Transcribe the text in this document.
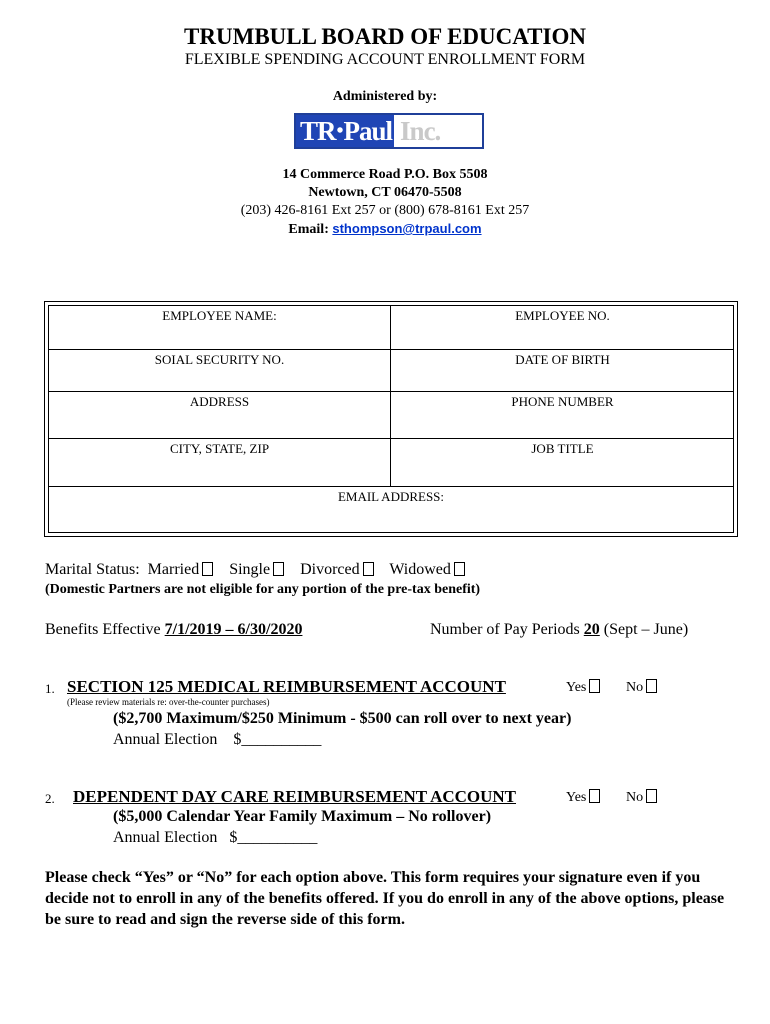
TRUMBULL BOARD OF EDUCATION
FLEXIBLE SPENDING ACCOUNT ENROLLMENT FORM
Administered by:
TR • Paul Inc.
14 Commerce Road P.O. Box 5508
Newtown, CT 06470-5508
(203) 426-8161 Ext 257 or (800) 678-8161 Ext 257
Email: sthompson@trpaul.com
EMPLOYEE NAME:	EMPLOYEE NO.
SOIAL SECURITY NO.	DATE OF BIRTH
ADDRESS	PHONE NUMBER
CITY, STATE, ZIP	JOB TITLE
EMAIL ADDRESS:
Marital Status: Married Single Divorced Widowed
(Domestic Partners are not eligible for any portion of the pre-tax benefit)
Benefits Effective 7/1/2019 – 6/30/2020	Number of Pay Periods 20 (Sept – June)
1. SECTION 125 MEDICAL REIMBURSEMENT ACCOUNT	Yes	No
(Please review materials re: over-the-counter purchases)
($2,700 Maximum/$250 Minimum - $500 can roll over to next year)
Annual Election    $__________
2. DEPENDENT DAY CARE REIMBURSEMENT ACCOUNT	Yes	No
($5,000 Calendar Year Family Maximum – No rollover)
Annual Election   $__________
Please check “Yes” or “No” for each option above. This form requires your signature even if you decide not to enroll in any of the benefits offered. If you do enroll in any of the above options, please be sure to read and sign the reverse side of this form.
